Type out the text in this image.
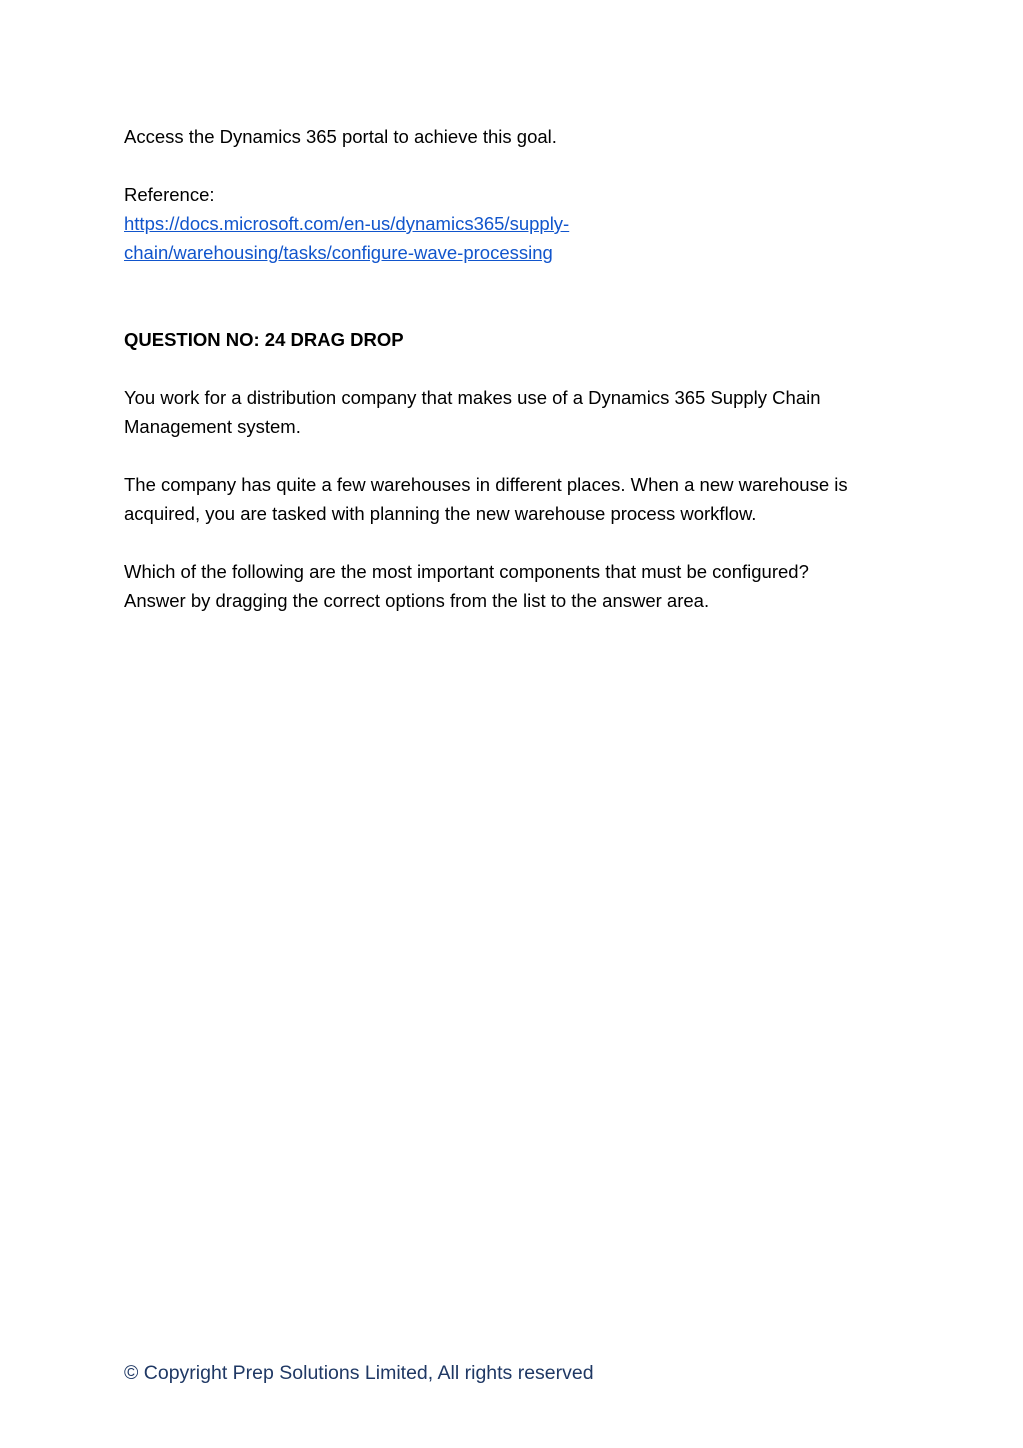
Access the Dynamics 365 portal to achieve this goal.

Reference:

https://docs.microsoft.com/en-us/dynamics365/supply-
chain/warehousing/tasks/configure-wave-processing

QUESTION NO: 24 DRAG DROP

You work for a distribution company that makes use of a Dynamics 365 Supply Chain

Management system.

The company has quite a few warehouses in different places. When a new warehouse is

acquired, you are tasked with planning the new warehouse process workflow.

Which of the following are the most important components that must be configured?

Answer by dragging the correct options from the list to the answer area.

© Copyright Prep Solutions Limited, All rights reserved
